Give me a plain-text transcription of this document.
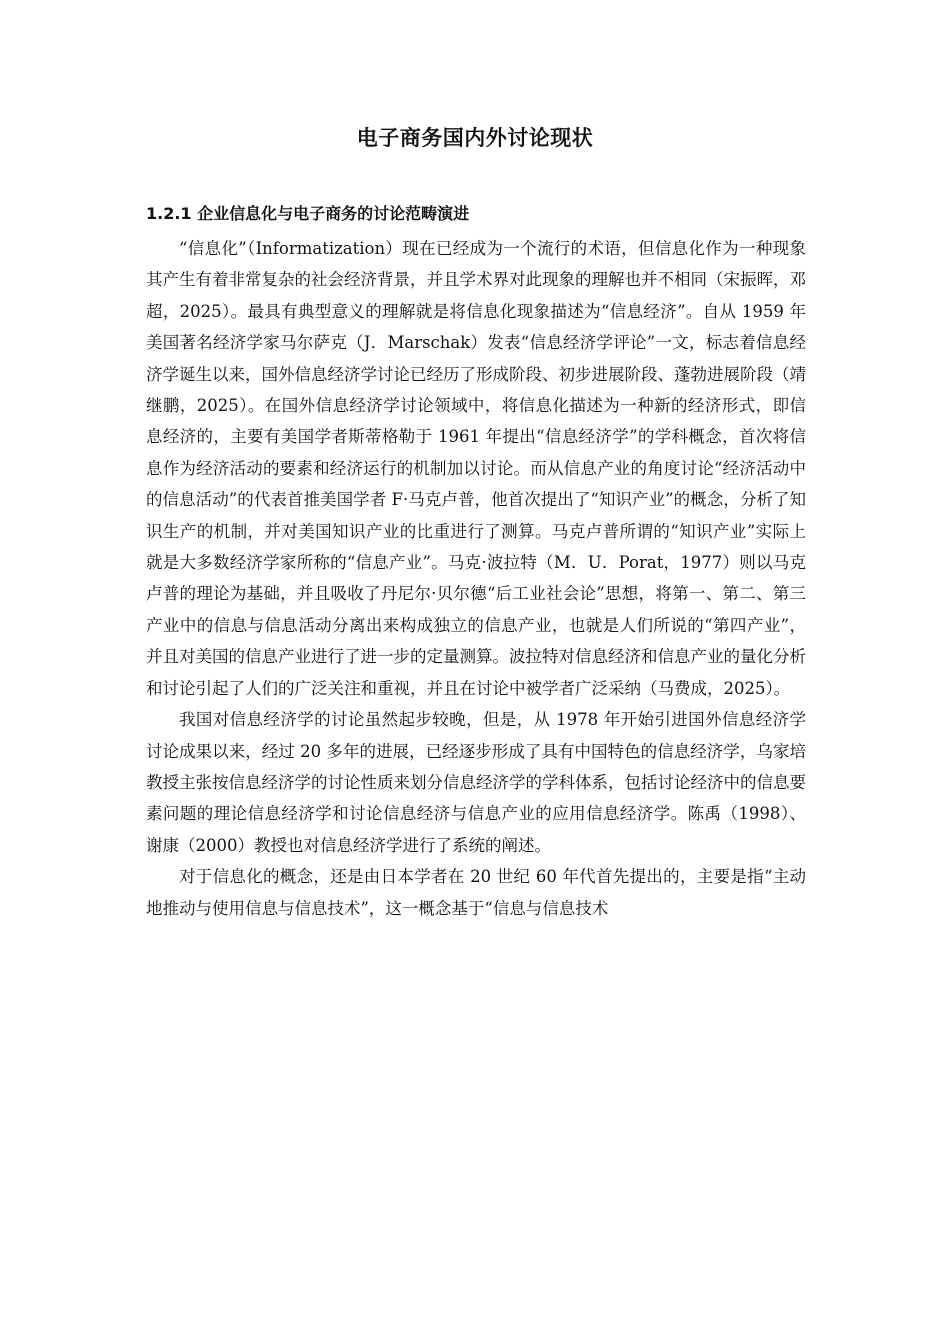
电子商务国内外讨论现状
1.2.1 企业信息化与电子商务的讨论范畴演进

“信息化”（Informatization）现在已经成为一个流行的术语，但信息化作为一种现象其产生有着非常复杂的社会经济背景，并且学术界对此现象的理解也并不相同（宋振晖，邓超，2025）。最具有典型意义的理解就是将信息化现象描述为“信息经济”。自从 1959 年美国著名经济学家马尔萨克（J．Marschak）发表“信息经济学评论”一文，标志着信息经济学诞生以来，国外信息经济学讨论已经历了形成阶段、初步进展阶段、蓬勃进展阶段（靖继鹏，2025）。在国外信息经济学讨论领域中，将信息化描述为一种新的经济形式，即信息经济的，主要有美国学者斯蒂格勒于 1961 年提出“信息经济学”的学科概念，首次将信息作为经济活动的要素和经济运行的机制加以讨论。而从信息产业的角度讨论“经济活动中的信息活动”的代表首推美国学者 F·马克卢普，他首次提出了“知识产业”的概念，分析了知识生产的机制，并对美国知识产业的比重进行了测算。马克卢普所谓的“知识产业”实际上就是大多数经济学家所称的“信息产业”。马克·波拉特（M．U．Porat，1977）则以马克卢普的理论为基础，并且吸收了丹尼尔·贝尔德“后工业社会论”思想，将第一、第二、第三产业中的信息与信息活动分离出来构成独立的信息产业，也就是人们所说的“第四产业”，并且对美国的信息产业进行了进一步的定量测算。波拉特对信息经济和信息产业的量化分析和讨论引起了人们的广泛关注和重视，并且在讨论中被学者广泛采纳（马费成，2025）。

我国对信息经济学的讨论虽然起步较晚，但是，从 1978 年开始引进国外信息经济学讨论成果以来，经过 20 多年的进展，已经逐步形成了具有中国特色的信息经济学，乌家培教授主张按信息经济学的讨论性质来划分信息经济学的学科体系，包括讨论经济中的信息要素问题的理论信息经济学和讨论信息经济与信息产业的应用信息经济学。陈禹（1998）、谢康（2000）教授也对信息经济学进行了系统的阐述。

对于信息化的概念，还是由日本学者在 20 世纪 60 年代首先提出的，主要是指“主动地推动与使用信息与信息技术”，这一概念基于“信息与信息技术
